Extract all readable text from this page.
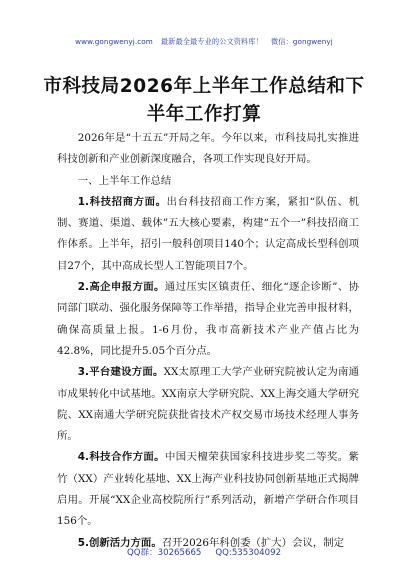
www.gongwenyj.com 最新最全最专业的公文资料库！ 微信：gongwenyj
市科技局2026年上半年工作总结和下半年工作打算

2026年是“十五五”开局之年。今年以来，市科技局扎实推进科技创新和产业创新深度融合，各项工作实现良好开局。

一、上半年工作总结

1.科技招商方面。出台科技招商工作方案，紧扣“队伍、机制、赛道、渠道、载体”五大核心要素，构建“五个一”科技招商工作体系。上半年，招引一般科创项目140个；认定高成长型科创项目27个，其中高成长型人工智能项目7个。

2.高企申报方面。通过压实区镇责任、细化“逐企诊断”、协同部门联动、强化服务保障等工作举措，指导企业完善申报材料，确保高质量上报。1-6月份，我市高新技术产业产值占比为42.8%，同比提升5.05个百分点。

3.平台建设方面。XX太原理工大学产业研究院被认定为南通市成果转化中试基地。XX南京大学研究院、XX上海交通大学研究院、XX南通大学研究院获批省技术产权交易市场技术经理人事务所。

4.科技合作方面。中国天檀荣获国家科技进步奖二等奖。紫竹（XX）产业转化基地、XX上海产业科技协同创新基地正式揭牌启用。开展“XX企业高校院所行”系列活动，新增产学研合作项目156个。

5.创新活力方面。召开2026年科创委（扩大）会议，制定

QQ群：30265665 QQ:535304092
